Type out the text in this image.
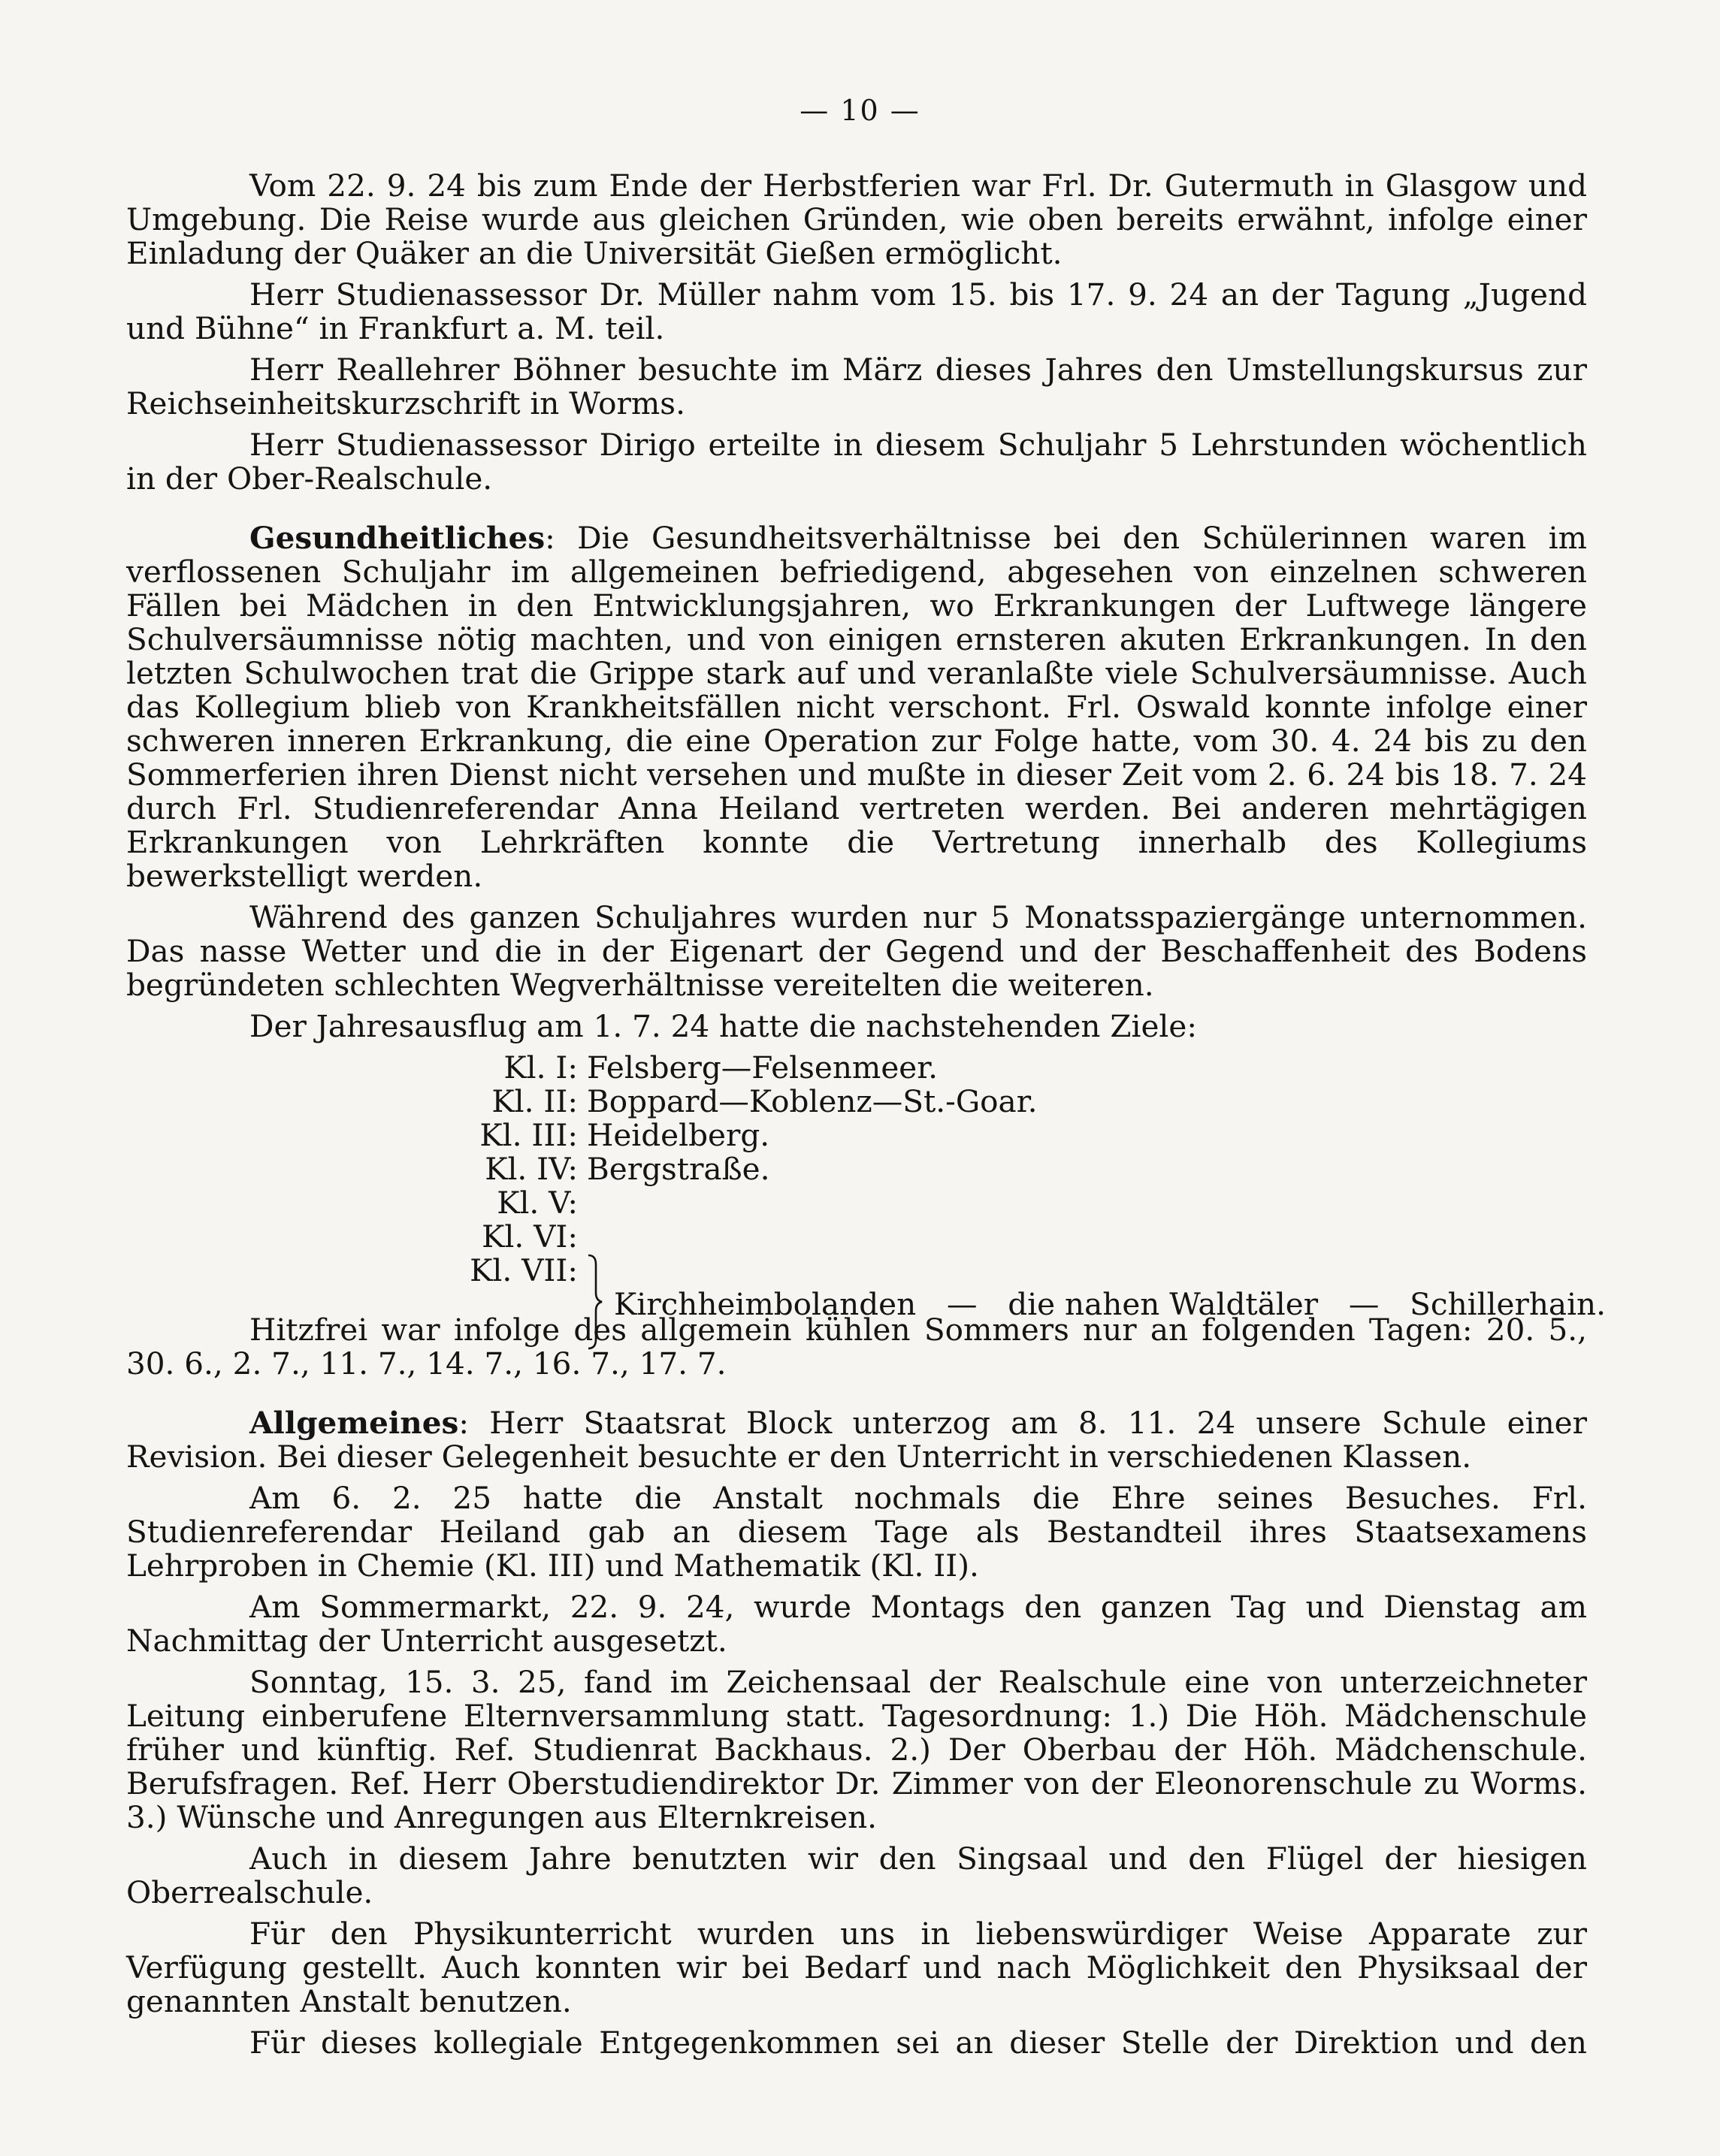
— 10 —

Vom 22. 9. 24 bis zum Ende der Herbstferien war Frl. Dr. Gutermuth in Glasgow und Umgebung. Die Reise wurde aus gleichen Gründen, wie oben bereits erwähnt, infolge einer Einladung der Quäker an die Universität Gießen ermöglicht.

Herr Studienassessor Dr. Müller nahm vom 15. bis 17. 9. 24 an der Tagung „Jugend und Bühne“ in Frankfurt a. M. teil.

Herr Reallehrer Böhner besuchte im März dieses Jahres den Umstellungskursus zur Reichseinheitskurzschrift in Worms.

Herr Studienassessor Dirigo erteilte in diesem Schuljahr 5 Lehrstunden wöchentlich in der Ober-Realschule.

Gesundheitliches: Die Gesundheitsverhältnisse bei den Schülerinnen waren im verflossenen Schuljahr im allgemeinen befriedigend, abgesehen von einzelnen schweren Fällen bei Mädchen in den Entwicklungsjahren, wo Erkrankungen der Luftwege längere Schulversäumnisse nötig machten, und von einigen ernsteren akuten Erkrankungen. In den letzten Schulwochen trat die Grippe stark auf und veranlaßte viele Schulversäumnisse. Auch das Kollegium blieb von Krankheitsfällen nicht verschont. Frl. Oswald konnte infolge einer schweren inneren Erkrankung, die eine Operation zur Folge hatte, vom 30. 4. 24 bis zu den Sommerferien ihren Dienst nicht versehen und mußte in dieser Zeit vom 2. 6. 24 bis 18. 7. 24 durch Frl. Studienreferendar Anna Heiland vertreten werden. Bei anderen mehrtägigen Erkrankungen von Lehrkräften konnte die Vertretung innerhalb des Kollegiums bewerkstelligt werden.

Während des ganzen Schuljahres wurden nur 5 Monatsspaziergänge unternommen. Das nasse Wetter und die in der Eigenart der Gegend und der Beschaffenheit des Bodens begründeten schlechten Wegverhältnisse vereitelten die weiteren.

Der Jahresausflug am 1. 7. 24 hatte die nachstehenden Ziele:

Kl. I: Felsberg—Felsenmeer.
Kl. II: Boppard—Koblenz—St.-Goar.
Kl. III: Heidelberg.
Kl. IV: Bergstraße.
Kl. V:
Kl. VI:
Kl. VII:
Kirchheimbolanden — die nahen Waldtäler — Schillerhain.

Hitzfrei war infolge des allgemein kühlen Sommers nur an folgenden Tagen: 20. 5., 30. 6., 2. 7., 11. 7., 14. 7., 16. 7., 17. 7.

Allgemeines: Herr Staatsrat Block unterzog am 8. 11. 24 unsere Schule einer Revision. Bei dieser Gelegenheit besuchte er den Unterricht in verschiedenen Klassen.

Am 6. 2. 25 hatte die Anstalt nochmals die Ehre seines Besuches. Frl. Studienreferendar Heiland gab an diesem Tage als Bestandteil ihres Staatsexamens Lehrproben in Chemie (Kl. III) und Mathematik (Kl. II).

Am Sommermarkt, 22. 9. 24, wurde Montags den ganzen Tag und Dienstag am Nachmittag der Unterricht ausgesetzt.

Sonntag, 15. 3. 25, fand im Zeichensaal der Realschule eine von unterzeichneter Leitung einberufene Elternversammlung statt. Tagesordnung: 1.) Die Höh. Mädchenschule früher und künftig. Ref. Studienrat Backhaus. 2.) Der Oberbau der Höh. Mädchenschule. Berufsfragen. Ref. Herr Oberstudiendirektor Dr. Zimmer von der Eleonorenschule zu Worms. 3.) Wünsche und Anregungen aus Elternkreisen.

Auch in diesem Jahre benutzten wir den Singsaal und den Flügel der hiesigen Oberrealschule.

Für den Physikunterricht wurden uns in liebenswürdiger Weise Apparate zur Verfügung gestellt. Auch konnten wir bei Bedarf und nach Möglichkeit den Physiksaal der genannten Anstalt benutzen.

Für dieses kollegiale Entgegenkommen sei an dieser Stelle der Direktion und den
